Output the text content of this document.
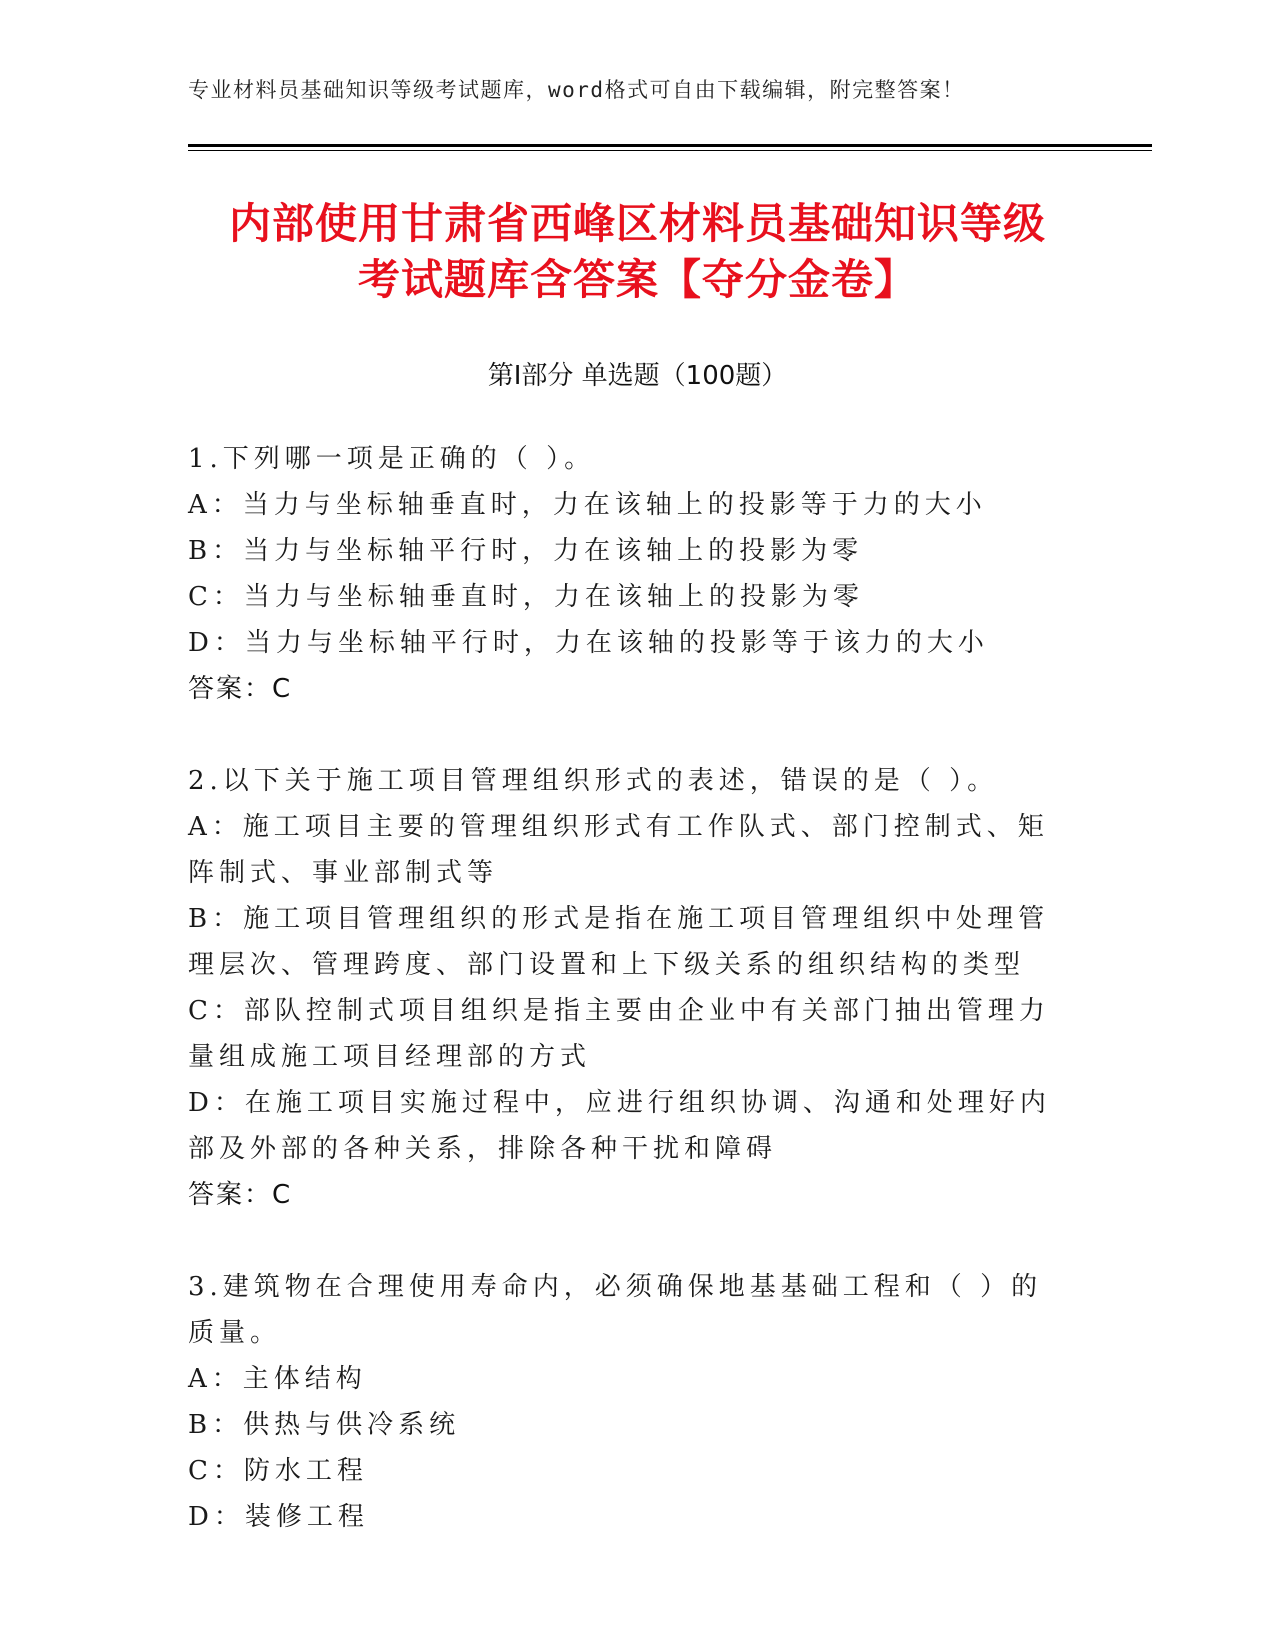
专业材料员基础知识等级考试题库，word格式可自由下载编辑，附完整答案！
内部使用甘肃省西峰区材料员基础知识等级
考试题库含答案【夺分金卷】
第Ⅰ部分 单选题（100题）
1.下列哪一项是正确的（ ）。
A：当力与坐标轴垂直时，力在该轴上的投影等于力的大小
B：当力与坐标轴平行时，力在该轴上的投影为零
C：当力与坐标轴垂直时，力在该轴上的投影为零
D：当力与坐标轴平行时，力在该轴的投影等于该力的大小
答案：C
2.以下关于施工项目管理组织形式的表述，错误的是（ ）。
A：施工项目主要的管理组织形式有工作队式、部门控制式、矩阵制式、事业部制式等
B：施工项目管理组织的形式是指在施工项目管理组织中处理管理层次、管理跨度、部门设置和上下级关系的组织结构的类型
C：部队控制式项目组织是指主要由企业中有关部门抽出管理力量组成施工项目经理部的方式
D：在施工项目实施过程中，应进行组织协调、沟通和处理好内部及外部的各种关系，排除各种干扰和障碍
答案：C
3.建筑物在合理使用寿命内，必须确保地基基础工程和（ ）的质量。
A：主体结构
B：供热与供冷系统
C：防水工程
D：装修工程
